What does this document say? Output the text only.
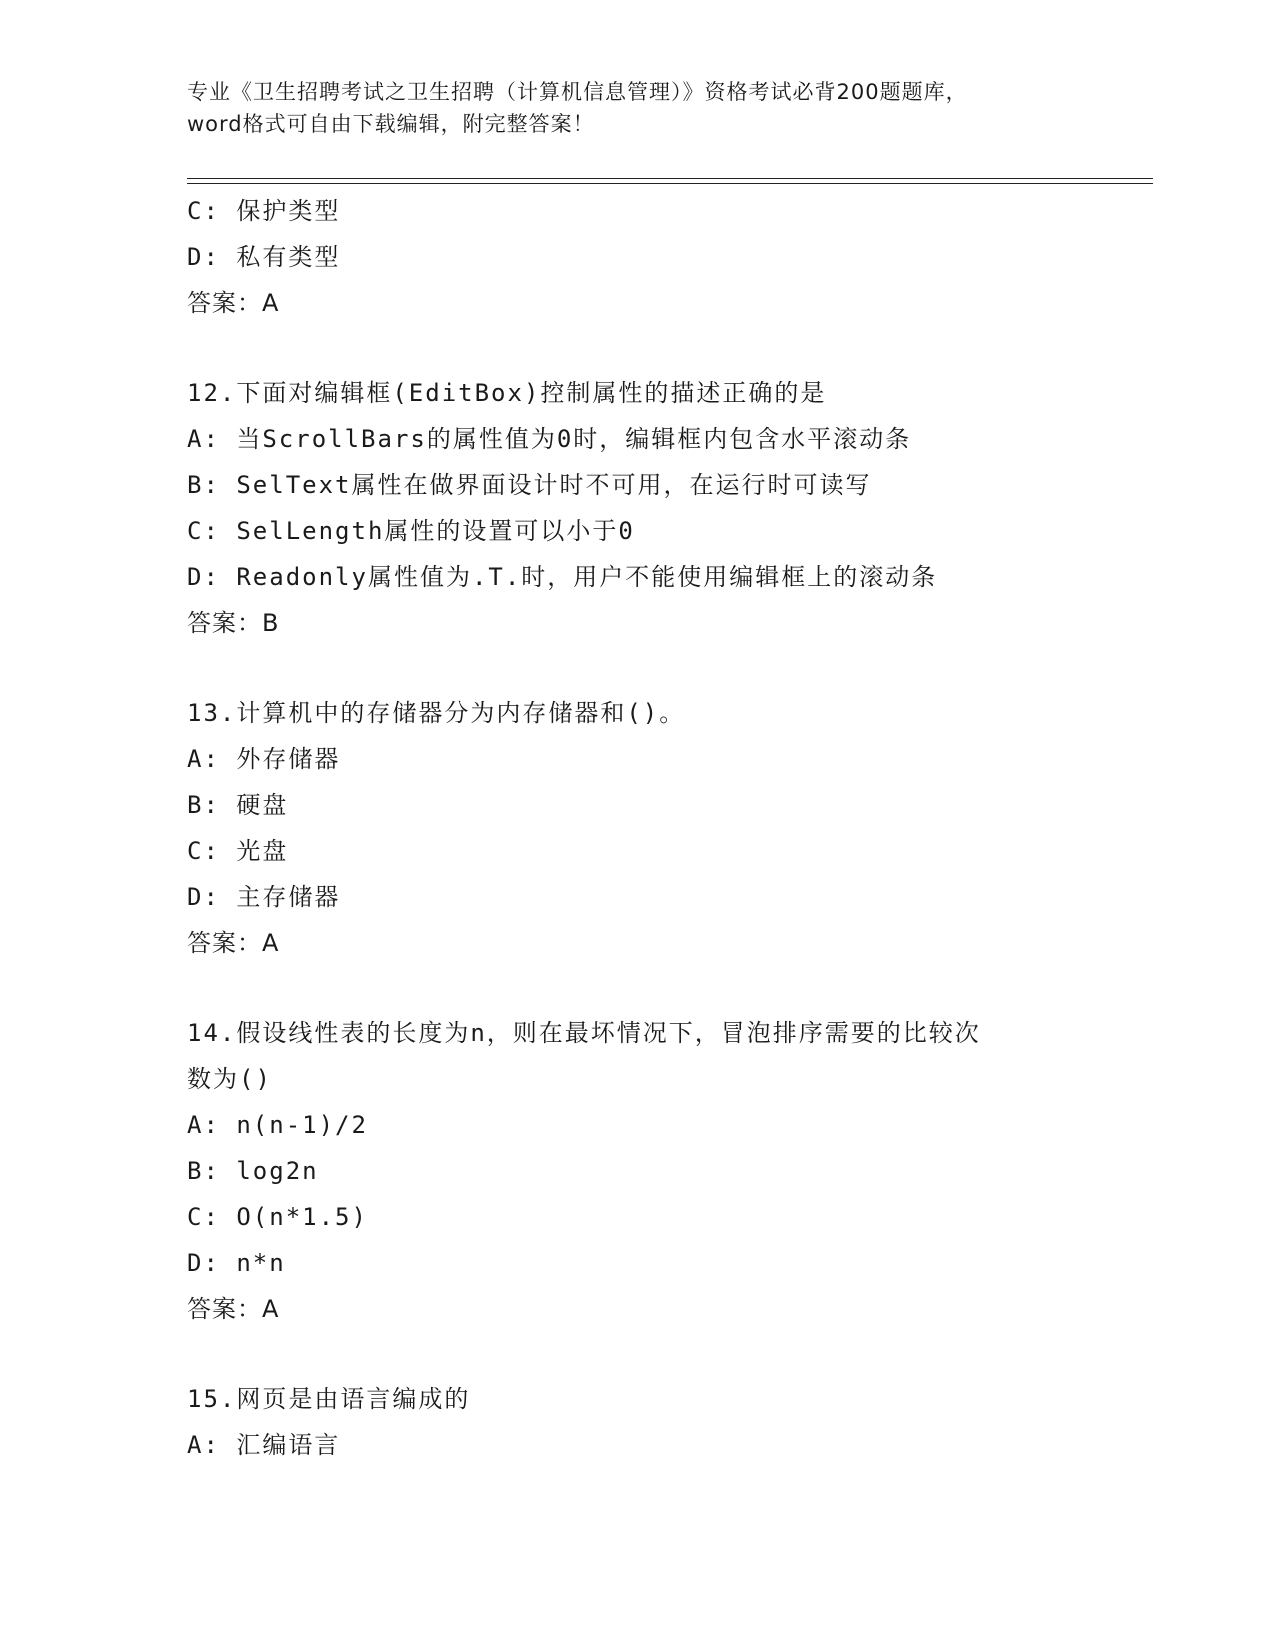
专业《卫生招聘考试之卫生招聘（计算机信息管理）》资格考试必背200题题库，
word格式可自由下载编辑，附完整答案！
C: 保护类型
D: 私有类型
答案：A
12.下面对编辑框(EditBox)控制属性的描述正确的是
A: 当ScrollBars的属性值为0时，编辑框内包含水平滚动条
B: SelText属性在做界面设计时不可用，在运行时可读写
C: SelLength属性的设置可以小于0
D: Readonly属性值为.T.时，用户不能使用编辑框上的滚动条
答案：B
13.计算机中的存储器分为内存储器和()。
A: 外存储器
B: 硬盘
C: 光盘
D: 主存储器
答案：A
14.假设线性表的长度为n，则在最坏情况下，冒泡排序需要的比较次
数为()
A: n(n-1)/2
B: log2n
C: O(n*1.5)
D: n*n
答案：A
15.网页是由语言编成的
A: 汇编语言
